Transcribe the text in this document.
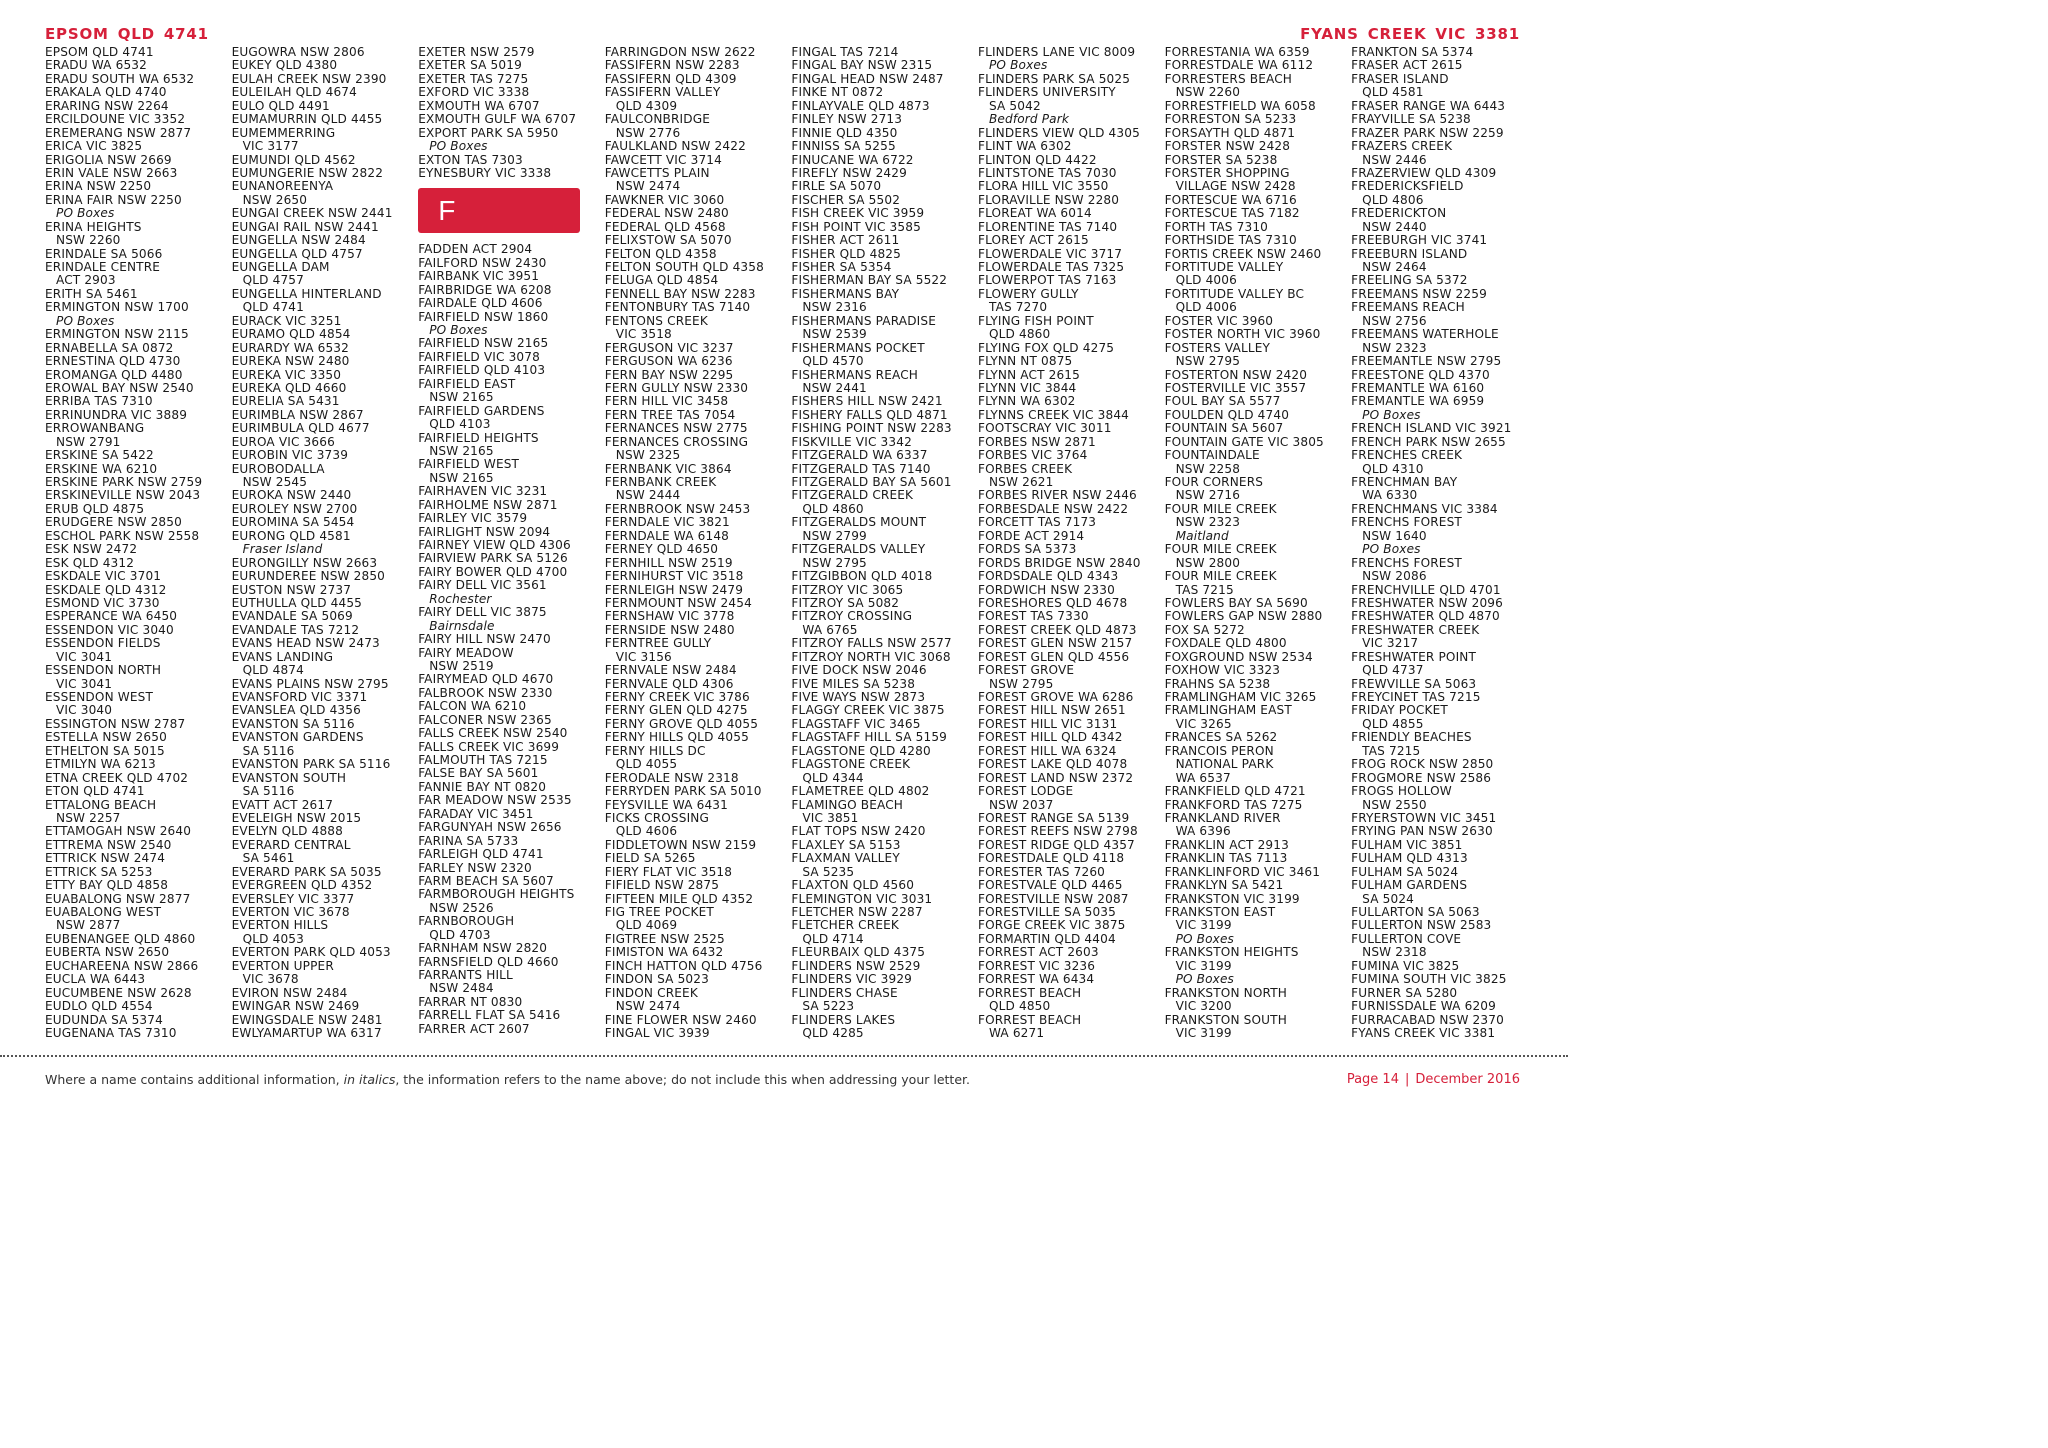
EPSOM QLD 4741	FYANS CREEK VIC 3381
EPSOM QLD 4741
ERADU WA 6532
ERADU SOUTH WA 6532
ERAKALA QLD 4740
ERARING NSW 2264
ERCILDOUNE VIC 3352
EREMERANG NSW 2877
ERICA VIC 3825
ERIGOLIA NSW 2669
ERIN VALE NSW 2663
ERINA NSW 2250
ERINA FAIR NSW 2250
PO Boxes
ERINA HEIGHTS
NSW 2260
ERINDALE SA 5066
ERINDALE CENTRE
ACT 2903
ERITH SA 5461
ERMINGTON NSW 1700
PO Boxes
ERMINGTON NSW 2115
ERNABELLA SA 0872
ERNESTINA QLD 4730
EROMANGA QLD 4480
EROWAL BAY NSW 2540
ERRIBA TAS 7310
ERRINUNDRA VIC 3889
ERROWANBANG
NSW 2791
ERSKINE SA 5422
ERSKINE WA 6210
ERSKINE PARK NSW 2759
ERSKINEVILLE NSW 2043
ERUB QLD 4875
ERUDGERE NSW 2850
ESCHOL PARK NSW 2558
ESK NSW 2472
ESK QLD 4312
ESKDALE VIC 3701
ESKDALE QLD 4312
ESMOND VIC 3730
ESPERANCE WA 6450
ESSENDON VIC 3040
ESSENDON FIELDS
VIC 3041
ESSENDON NORTH
VIC 3041
ESSENDON WEST
VIC 3040
ESSINGTON NSW 2787
ESTELLA NSW 2650
ETHELTON SA 5015
ETMILYN WA 6213
ETNA CREEK QLD 4702
ETON QLD 4741
ETTALONG BEACH
NSW 2257
ETTAMOGAH NSW 2640
ETTREMA NSW 2540
ETTRICK NSW 2474
ETTRICK SA 5253
ETTY BAY QLD 4858
EUABALONG NSW 2877
EUABALONG WEST
NSW 2877
EUBENANGEE QLD 4860
EUBERTA NSW 2650
EUCHAREENA NSW 2866
EUCLA WA 6443
EUCUMBENE NSW 2628
EUDLO QLD 4554
EUDUNDA SA 5374
EUGENANA TAS 7310
EUGOWRA NSW 2806
EUKEY QLD 4380
EULAH CREEK NSW 2390
EULEILAH QLD 4674
EULO QLD 4491
EUMAMURRIN QLD 4455
EUMEMMERRING
VIC 3177
EUMUNDI QLD 4562
EUMUNGERIE NSW 2822
EUNANOREENYA
NSW 2650
EUNGAI CREEK NSW 2441
EUNGAI RAIL NSW 2441
EUNGELLA NSW 2484
EUNGELLA QLD 4757
EUNGELLA DAM
QLD 4757
EUNGELLA HINTERLAND
QLD 4741
EURACK VIC 3251
EURAMO QLD 4854
EURARDY WA 6532
EUREKA NSW 2480
EUREKA VIC 3350
EUREKA QLD 4660
EURELIA SA 5431
EURIMBLA NSW 2867
EURIMBULA QLD 4677
EUROA VIC 3666
EUROBIN VIC 3739
EUROBODALLA
NSW 2545
EUROKA NSW 2440
EUROLEY NSW 2700
EUROMINA SA 5454
EURONG QLD 4581
Fraser Island
EURONGILLY NSW 2663
EURUNDEREE NSW 2850
EUSTON NSW 2737
EUTHULLA QLD 4455
EVANDALE SA 5069
EVANDALE TAS 7212
EVANS HEAD NSW 2473
EVANS LANDING
QLD 4874
EVANS PLAINS NSW 2795
EVANSFORD VIC 3371
EVANSLEA QLD 4356
EVANSTON SA 5116
EVANSTON GARDENS
SA 5116
EVANSTON PARK SA 5116
EVANSTON SOUTH
SA 5116
EVATT ACT 2617
EVELEIGH NSW 2015
EVELYN QLD 4888
EVERARD CENTRAL
SA 5461
EVERARD PARK SA 5035
EVERGREEN QLD 4352
EVERSLEY VIC 3377
EVERTON VIC 3678
EVERTON HILLS
QLD 4053
EVERTON PARK QLD 4053
EVERTON UPPER
VIC 3678
EVIRON NSW 2484
EWINGAR NSW 2469
EWINGSDALE NSW 2481
EWLYAMARTUP WA 6317
EXETER NSW 2579
EXETER SA 5019
EXETER TAS 7275
EXFORD VIC 3338
EXMOUTH WA 6707
EXMOUTH GULF WA 6707
EXPORT PARK SA 5950
PO Boxes
EXTON TAS 7303
EYNESBURY VIC 3338
F
FADDEN ACT 2904
FAILFORD NSW 2430
FAIRBANK VIC 3951
FAIRBRIDGE WA 6208
FAIRDALE QLD 4606
FAIRFIELD NSW 1860
PO Boxes
FAIRFIELD NSW 2165
FAIRFIELD VIC 3078
FAIRFIELD QLD 4103
FAIRFIELD EAST
NSW 2165
FAIRFIELD GARDENS
QLD 4103
FAIRFIELD HEIGHTS
NSW 2165
FAIRFIELD WEST
NSW 2165
FAIRHAVEN VIC 3231
FAIRHOLME NSW 2871
FAIRLEY VIC 3579
FAIRLIGHT NSW 2094
FAIRNEY VIEW QLD 4306
FAIRVIEW PARK SA 5126
FAIRY BOWER QLD 4700
FAIRY DELL VIC 3561
Rochester
FAIRY DELL VIC 3875
Bairnsdale
FAIRY HILL NSW 2470
FAIRY MEADOW
NSW 2519
FAIRYMEAD QLD 4670
FALBROOK NSW 2330
FALCON WA 6210
FALCONER NSW 2365
FALLS CREEK NSW 2540
FALLS CREEK VIC 3699
FALMOUTH TAS 7215
FALSE BAY SA 5601
FANNIE BAY NT 0820
FAR MEADOW NSW 2535
FARADAY VIC 3451
FARGUNYAH NSW 2656
FARINA SA 5733
FARLEIGH QLD 4741
FARLEY NSW 2320
FARM BEACH SA 5607
FARMBOROUGH HEIGHTS
NSW 2526
FARNBOROUGH
QLD 4703
FARNHAM NSW 2820
FARNSFIELD QLD 4660
FARRANTS HILL
NSW 2484
FARRAR NT 0830
FARRELL FLAT SA 5416
FARRER ACT 2607
FARRINGDON NSW 2622
FASSIFERN NSW 2283
FASSIFERN QLD 4309
FASSIFERN VALLEY
QLD 4309
FAULCONBRIDGE
NSW 2776
FAULKLAND NSW 2422
FAWCETT VIC 3714
FAWCETTS PLAIN
NSW 2474
FAWKNER VIC 3060
FEDERAL NSW 2480
FEDERAL QLD 4568
FELIXSTOW SA 5070
FELTON QLD 4358
FELTON SOUTH QLD 4358
FELUGA QLD 4854
FENNELL BAY NSW 2283
FENTONBURY TAS 7140
FENTONS CREEK
VIC 3518
FERGUSON VIC 3237
FERGUSON WA 6236
FERN BAY NSW 2295
FERN GULLY NSW 2330
FERN HILL VIC 3458
FERN TREE TAS 7054
FERNANCES NSW 2775
FERNANCES CROSSING
NSW 2325
FERNBANK VIC 3864
FERNBANK CREEK
NSW 2444
FERNBROOK NSW 2453
FERNDALE VIC 3821
FERNDALE WA 6148
FERNEY QLD 4650
FERNHILL NSW 2519
FERNIHURST VIC 3518
FERNLEIGH NSW 2479
FERNMOUNT NSW 2454
FERNSHAW VIC 3778
FERNSIDE NSW 2480
FERNTREE GULLY
VIC 3156
FERNVALE NSW 2484
FERNVALE QLD 4306
FERNY CREEK VIC 3786
FERNY GLEN QLD 4275
FERNY GROVE QLD 4055
FERNY HILLS QLD 4055
FERNY HILLS DC
QLD 4055
FERODALE NSW 2318
FERRYDEN PARK SA 5010
FEYSVILLE WA 6431
FICKS CROSSING
QLD 4606
FIDDLETOWN NSW 2159
FIELD SA 5265
FIERY FLAT VIC 3518
FIFIELD NSW 2875
FIFTEEN MILE QLD 4352
FIG TREE POCKET
QLD 4069
FIGTREE NSW 2525
FIMISTON WA 6432
FINCH HATTON QLD 4756
FINDON SA 5023
FINDON CREEK
NSW 2474
FINE FLOWER NSW 2460
FINGAL VIC 3939
FINGAL TAS 7214
FINGAL BAY NSW 2315
FINGAL HEAD NSW 2487
FINKE NT 0872
FINLAYVALE QLD 4873
FINLEY NSW 2713
FINNIE QLD 4350
FINNISS SA 5255
FINUCANE WA 6722
FIREFLY NSW 2429
FIRLE SA 5070
FISCHER SA 5502
FISH CREEK VIC 3959
FISH POINT VIC 3585
FISHER ACT 2611
FISHER QLD 4825
FISHER SA 5354
FISHERMAN BAY SA 5522
FISHERMANS BAY
NSW 2316
FISHERMANS PARADISE
NSW 2539
FISHERMANS POCKET
QLD 4570
FISHERMANS REACH
NSW 2441
FISHERS HILL NSW 2421
FISHERY FALLS QLD 4871
FISHING POINT NSW 2283
FISKVILLE VIC 3342
FITZGERALD WA 6337
FITZGERALD TAS 7140
FITZGERALD BAY SA 5601
FITZGERALD CREEK
QLD 4860
FITZGERALDS MOUNT
NSW 2799
FITZGERALDS VALLEY
NSW 2795
FITZGIBBON QLD 4018
FITZROY VIC 3065
FITZROY SA 5082
FITZROY CROSSING
WA 6765
FITZROY FALLS NSW 2577
FITZROY NORTH VIC 3068
FIVE DOCK NSW 2046
FIVE MILES SA 5238
FIVE WAYS NSW 2873
FLAGGY CREEK VIC 3875
FLAGSTAFF VIC 3465
FLAGSTAFF HILL SA 5159
FLAGSTONE QLD 4280
FLAGSTONE CREEK
QLD 4344
FLAMETREE QLD 4802
FLAMINGO BEACH
VIC 3851
FLAT TOPS NSW 2420
FLAXLEY SA 5153
FLAXMAN VALLEY
SA 5235
FLAXTON QLD 4560
FLEMINGTON VIC 3031
FLETCHER NSW 2287
FLETCHER CREEK
QLD 4714
FLEURBAIX QLD 4375
FLINDERS NSW 2529
FLINDERS VIC 3929
FLINDERS CHASE
SA 5223
FLINDERS LAKES
QLD 4285
FLINDERS LANE VIC 8009
PO Boxes
FLINDERS PARK SA 5025
FLINDERS UNIVERSITY
SA 5042
Bedford Park
FLINDERS VIEW QLD 4305
FLINT WA 6302
FLINTON QLD 4422
FLINTSTONE TAS 7030
FLORA HILL VIC 3550
FLORAVILLE NSW 2280
FLOREAT WA 6014
FLORENTINE TAS 7140
FLOREY ACT 2615
FLOWERDALE VIC 3717
FLOWERDALE TAS 7325
FLOWERPOT TAS 7163
FLOWERY GULLY
TAS 7270
FLYING FISH POINT
QLD 4860
FLYING FOX QLD 4275
FLYNN NT 0875
FLYNN ACT 2615
FLYNN VIC 3844
FLYNN WA 6302
FLYNNS CREEK VIC 3844
FOOTSCRAY VIC 3011
FORBES NSW 2871
FORBES VIC 3764
FORBES CREEK
NSW 2621
FORBES RIVER NSW 2446
FORBESDALE NSW 2422
FORCETT TAS 7173
FORDE ACT 2914
FORDS SA 5373
FORDS BRIDGE NSW 2840
FORDSDALE QLD 4343
FORDWICH NSW 2330
FORESHORES QLD 4678
FOREST TAS 7330
FOREST CREEK QLD 4873
FOREST GLEN NSW 2157
FOREST GLEN QLD 4556
FOREST GROVE
NSW 2795
FOREST GROVE WA 6286
FOREST HILL NSW 2651
FOREST HILL VIC 3131
FOREST HILL QLD 4342
FOREST HILL WA 6324
FOREST LAKE QLD 4078
FOREST LAND NSW 2372
FOREST LODGE
NSW 2037
FOREST RANGE SA 5139
FOREST REEFS NSW 2798
FOREST RIDGE QLD 4357
FORESTDALE QLD 4118
FORESTER TAS 7260
FORESTVALE QLD 4465
FORESTVILLE NSW 2087
FORESTVILLE SA 5035
FORGE CREEK VIC 3875
FORMARTIN QLD 4404
FORREST ACT 2603
FORREST VIC 3236
FORREST WA 6434
FORREST BEACH
QLD 4850
FORREST BEACH
WA 6271
FORRESTANIA WA 6359
FORRESTDALE WA 6112
FORRESTERS BEACH
NSW 2260
FORRESTFIELD WA 6058
FORRESTON SA 5233
FORSAYTH QLD 4871
FORSTER NSW 2428
FORSTER SA 5238
FORSTER SHOPPING
VILLAGE NSW 2428
FORTESCUE WA 6716
FORTESCUE TAS 7182
FORTH TAS 7310
FORTHSIDE TAS 7310
FORTIS CREEK NSW 2460
FORTITUDE VALLEY
QLD 4006
FORTITUDE VALLEY BC
QLD 4006
FOSTER VIC 3960
FOSTER NORTH VIC 3960
FOSTERS VALLEY
NSW 2795
FOSTERTON NSW 2420
FOSTERVILLE VIC 3557
FOUL BAY SA 5577
FOULDEN QLD 4740
FOUNTAIN SA 5607
FOUNTAIN GATE VIC 3805
FOUNTAINDALE
NSW 2258
FOUR CORNERS
NSW 2716
FOUR MILE CREEK
NSW 2323
Maitland
FOUR MILE CREEK
NSW 2800
FOUR MILE CREEK
TAS 7215
FOWLERS BAY SA 5690
FOWLERS GAP NSW 2880
FOX SA 5272
FOXDALE QLD 4800
FOXGROUND NSW 2534
FOXHOW VIC 3323
FRAHNS SA 5238
FRAMLINGHAM VIC 3265
FRAMLINGHAM EAST
VIC 3265
FRANCES SA 5262
FRANCOIS PERON
NATIONAL PARK
WA 6537
FRANKFIELD QLD 4721
FRANKFORD TAS 7275
FRANKLAND RIVER
WA 6396
FRANKLIN ACT 2913
FRANKLIN TAS 7113
FRANKLINFORD VIC 3461
FRANKLYN SA 5421
FRANKSTON VIC 3199
FRANKSTON EAST
VIC 3199
PO Boxes
FRANKSTON HEIGHTS
VIC 3199
PO Boxes
FRANKSTON NORTH
VIC 3200
FRANKSTON SOUTH
VIC 3199
FRANKTON SA 5374
FRASER ACT 2615
FRASER ISLAND
QLD 4581
FRASER RANGE WA 6443
FRAYVILLE SA 5238
FRAZER PARK NSW 2259
FRAZERS CREEK
NSW 2446
FRAZERVIEW QLD 4309
FREDERICKSFIELD
QLD 4806
FREDERICKTON
NSW 2440
FREEBURGH VIC 3741
FREEBURN ISLAND
NSW 2464
FREELING SA 5372
FREEMANS NSW 2259
FREEMANS REACH
NSW 2756
FREEMANS WATERHOLE
NSW 2323
FREEMANTLE NSW 2795
FREESTONE QLD 4370
FREMANTLE WA 6160
FREMANTLE WA 6959
PO Boxes
FRENCH ISLAND VIC 3921
FRENCH PARK NSW 2655
FRENCHES CREEK
QLD 4310
FRENCHMAN BAY
WA 6330
FRENCHMANS VIC 3384
FRENCHS FOREST
NSW 1640
PO Boxes
FRENCHS FOREST
NSW 2086
FRENCHVILLE QLD 4701
FRESHWATER NSW 2096
FRESHWATER QLD 4870
FRESHWATER CREEK
VIC 3217
FRESHWATER POINT
QLD 4737
FREWVILLE SA 5063
FREYCINET TAS 7215
FRIDAY POCKET
QLD 4855
FRIENDLY BEACHES
TAS 7215
FROG ROCK NSW 2850
FROGMORE NSW 2586
FROGS HOLLOW
NSW 2550
FRYERSTOWN VIC 3451
FRYING PAN NSW 2630
FULHAM VIC 3851
FULHAM QLD 4313
FULHAM SA 5024
FULHAM GARDENS
SA 5024
FULLARTON SA 5063
FULLERTON NSW 2583
FULLERTON COVE
NSW 2318
FUMINA VIC 3825
FUMINA SOUTH VIC 3825
FURNER SA 5280
FURNISSDALE WA 6209
FURRACABAD NSW 2370
FYANS CREEK VIC 3381
Where a name contains additional information, in italics, the information refers to the name above; do not include this when addressing your letter.	Page 14 | December 2016
